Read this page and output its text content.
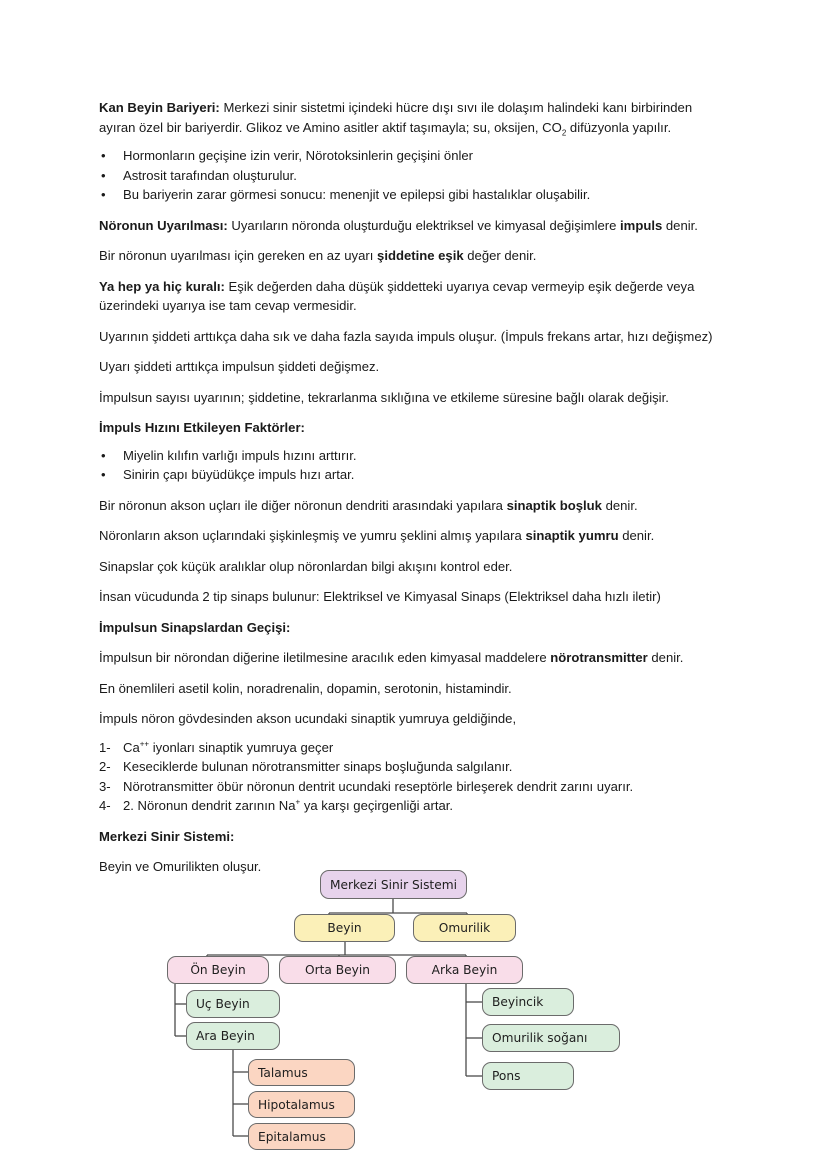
Kan Beyin Bariyeri: Merkezi sinir sistetmi içindeki hücre dışı sıvı ile dolaşım halindeki kanı birbirinden ayıran özel bir bariyerdir. Glikoz ve Amino asitler aktif taşımayla; su, oksijen, $CO_2$ difüzyonla yapılır.

• Hormonların geçişine izin verir, Nörotoksinlerin geçişini önler
• Astrosit tarafından oluşturulur.
• Bu bariyerin zarar görmesi sonucu: menenjit ve epilepsi gibi hastalıklar oluşabilir.

Nöronun Uyarılması: Uyarıların nöronda oluşturduğu elektriksel ve kimyasal değişimlere impuls denir.

Bir nöronun uyarılması için gereken en az uyarı şiddetine eşik değer denir.

Ya hep ya hiç kuralı: Eşik değerden daha düşük şiddetteki uyarıya cevap vermeyip eşik değerde veya üzerindeki uyarıya ise tam cevap vermesidir.

Uyarının şiddeti arttıkça daha sık ve daha fazla sayıda impuls oluşur. (İmpuls frekans artar, hızı değişmez)

Uyarı şiddeti arttıkça impulsun şiddeti değişmez.

İmpulsun sayısı uyarının; şiddetine, tekrarlanma sıklığına ve etkileme süresine bağlı olarak değişir.

İmpuls Hızını Etkileyen Faktörler:

• Miyelin kılıfın varlığı impuls hızını arttırır.
• Sinirin çapı büyüdükçe impuls hızı artar.

Bir nöronun akson uçları ile diğer nöronun dendriti arasındaki yapılara sinaptik boşluk denir.

Nöronların akson uçlarındaki şişkinleşmiş ve yumru şeklini almış yapılara sinaptik yumru denir.

Sinapslar çok küçük aralıklar olup nöronlardan bilgi akışını kontrol eder.

İnsan vücudunda 2 tip sinaps bulunur: Elektriksel ve Kimyasal Sinaps (Elektriksel daha hızlı iletir)

İmpulsun Sinapslardan Geçişi:

İmpulsun bir nörondan diğerine iletilmesine aracılık eden kimyasal maddelere nörotransmitter denir.

En önemlileri asetil kolin, noradrenalin, dopamin, serotonin, histamindir.

İmpuls nöron gövdesinden akson ucundaki sinaptik yumruya geldiğinde,

1- Ca++ iyonları sinaptik yumruya geçer
2- Keseciklerde bulunan nörotransmitter sinaps boşluğunda salgılanır.
3- Nörotransmitter öbür nöronun dentrit ucundaki reseptörle birleşerek dendrit zarını uyarır.
4- 2. Nöronun dendrit zarının Na+ ya karşı geçirgenliği artar.

Merkezi Sinir Sistemi:

Beyin ve Omurilikten oluşur.

Merkezi Sinir Sistemi
Beyin	Omurilik
Ön Beyin	Orta Beyin	Arka Beyin
Uç Beyin
Ara Beyin
Talamus
Hipotalamus
Epitalamus
Beyincik
Omurilik soğanı
Pons
